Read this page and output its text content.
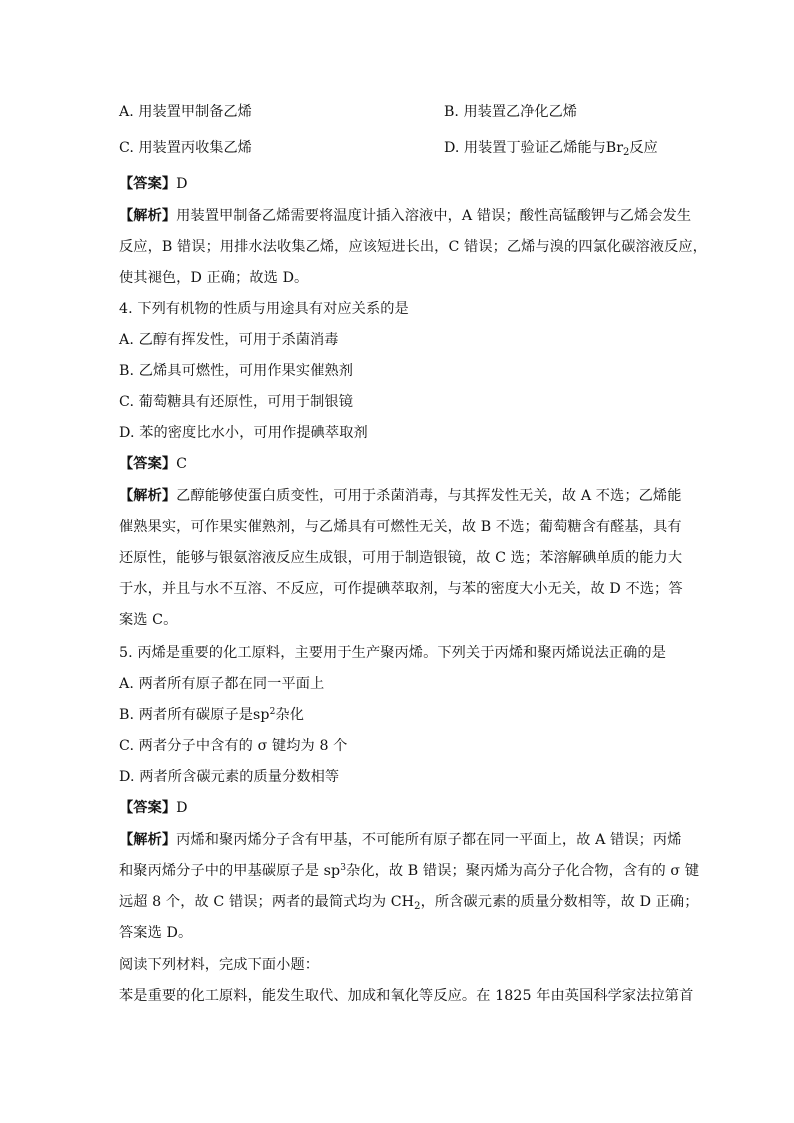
A. 用装置甲制备乙烯	B. 用装置乙净化乙烯
C. 用装置丙收集乙烯	D. 用装置丁验证乙烯能与$Br_2$反应
【答案】D
【解析】用装置甲制备乙烯需要将温度计插入溶液中，A 错误；酸性高锰酸钾与乙烯会发生
反应，B 错误；用排水法收集乙烯，应该短进长出，C 错误；乙烯与溴的四氯化碳溶液反应，
使其褪色，D 正确；故选 D。
4. 下列有机物的性质与用途具有对应关系的是
A. 乙醇有挥发性，可用于杀菌消毒
B. 乙烯具可燃性，可用作果实催熟剂
C. 葡萄糖具有还原性，可用于制银镜
D. 苯的密度比水小，可用作提碘萃取剂
【答案】C
【解析】乙醇能够使蛋白质变性，可用于杀菌消毒，与其挥发性无关，故 A 不选；乙烯能
催熟果实，可作果实催熟剂，与乙烯具有可燃性无关，故 B 不选；葡萄糖含有醛基，具有
还原性，能够与银氨溶液反应生成银，可用于制造银镜，故 C 选；苯溶解碘单质的能力大
于水，并且与水不互溶、不反应，可作提碘萃取剂，与苯的密度大小无关，故 D 不选；答
案选 C。
5. 丙烯是重要的化工原料，主要用于生产聚丙烯。下列关于丙烯和聚丙烯说法正确的是
A. 两者所有原子都在同一平面上
B. 两者所有碳原子是$sp^2$杂化
C. 两者分子中含有的 σ 键均为 8 个
D. 两者所含碳元素的质量分数相等
【答案】D
【解析】丙烯和聚丙烯分子含有甲基，不可能所有原子都在同一平面上，故 A 错误；丙烯
和聚丙烯分子中的甲基碳原子是 $sp^3$杂化，故 B 错误；聚丙烯为高分子化合物，含有的 σ 键
远超 8 个，故 C 错误；两者的最简式均为 $CH_2$，所含碳元素的质量分数相等，故 D 正确；
答案选 D。
阅读下列材料，完成下面小题：
苯是重要的化工原料，能发生取代、加成和氧化等反应。在 1825 年由英国科学家法拉第首
